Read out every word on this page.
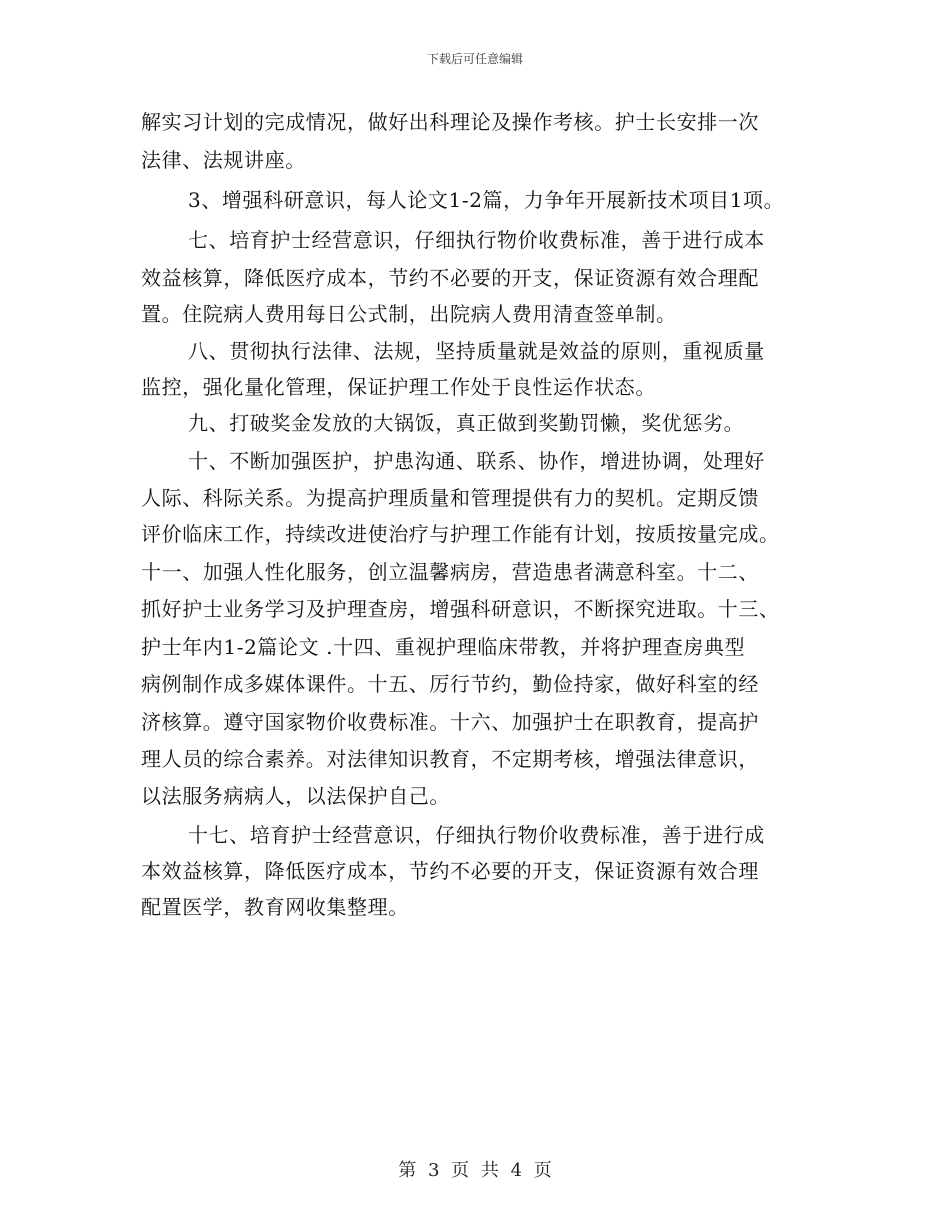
下载后可任意编辑
解实习计划的完成情况，做好出科理论及操作考核。护士长安排一次
法律、法规讲座。
3、增强科研意识，每人论文1-2篇，力争年开展新技术项目1项。
七、培育护士经营意识，仔细执行物价收费标准，善于进行成本
效益核算，降低医疗成本，节约不必要的开支，保证资源有效合理配
置。住院病人费用每日公式制，出院病人费用清查签单制。
八、贯彻执行法律、法规，坚持质量就是效益的原则，重视质量
监控，强化量化管理，保证护理工作处于良性运作状态。
九、打破奖金发放的大锅饭，真正做到奖勤罚懒，奖优惩劣。
十、不断加强医护，护患沟通、联系、协作，增进协调，处理好
人际、科际关系。为提高护理质量和管理提供有力的契机。定期反馈
评价临床工作，持续改进使治疗与护理工作能有计划，按质按量完成。
十一、加强人性化服务，创立温馨病房，营造患者满意科室。十二、
抓好护士业务学习及护理查房，增强科研意识，不断探究进取。十三、
护士年内1-2篇论文 .十四、重视护理临床带教，并将护理查房典型
病例制作成多媒体课件。十五、厉行节约，勤俭持家，做好科室的经
济核算。遵守国家物价收费标准。十六、加强护士在职教育，提高护
理人员的综合素养。对法律知识教育，不定期考核，增强法律意识，
以法服务病病人，以法保护自己。
十七、培育护士经营意识，仔细执行物价收费标准，善于进行成
本效益核算，降低医疗成本，节约不必要的开支，保证资源有效合理
配置医学，教育网收集整理。
第 3 页 共 4 页
